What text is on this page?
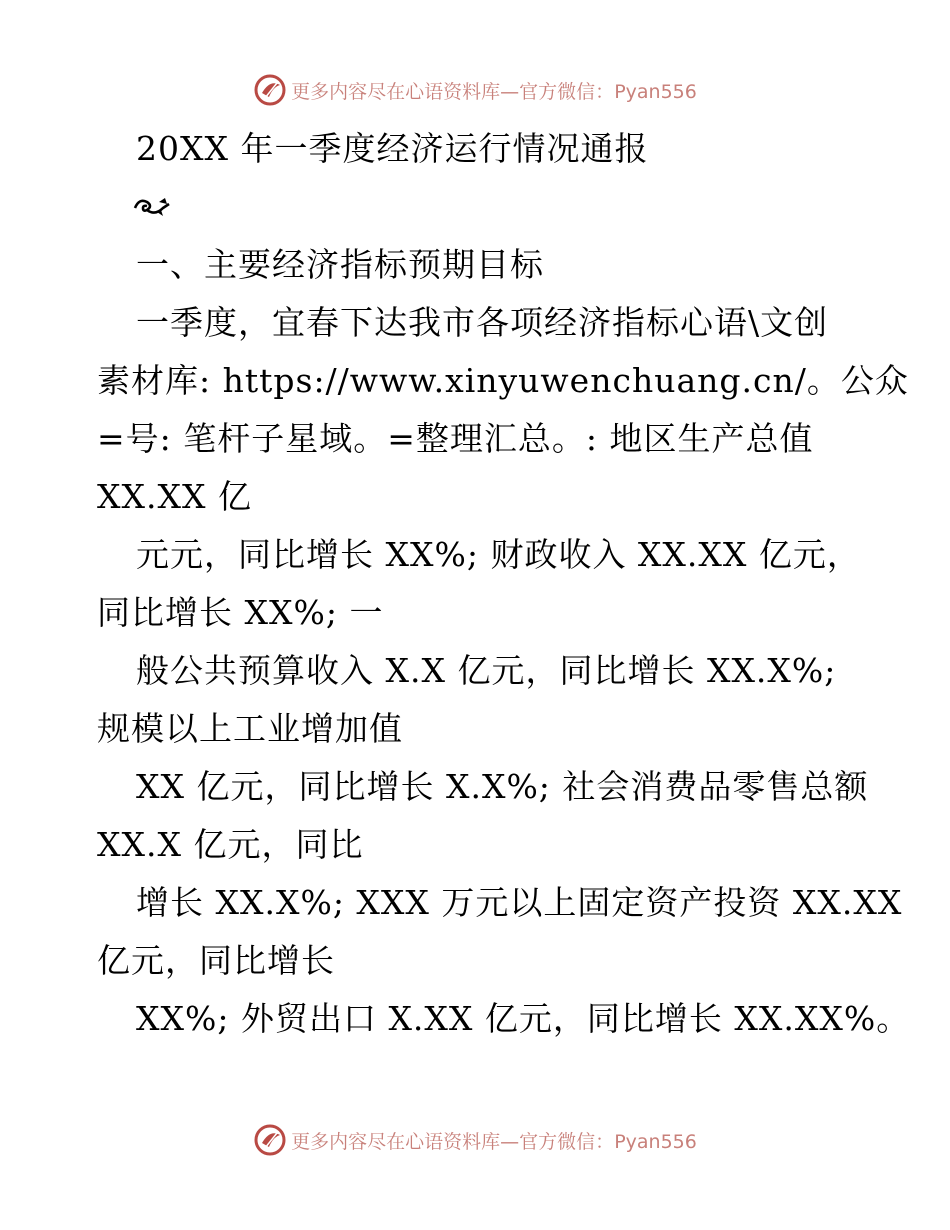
更多内容尽在心语资料库—官方微信：Pyan556
20XX 年一季度经济运行情况通报
一、主要经济指标预期目标
一季度，宜春下达我市各项经济指标心语\文创
素材库: https://www.xinyuwenchuang.cn/。公众
=号: 笔杆子星域。=整理汇总。: 地区生产总值
XX.XX 亿
元元，同比增长 XX%; 财政收入 XX.XX 亿元，
同比增长 XX%; 一
般公共预算收入 X.X 亿元，同比增长 XX.X%;
规模以上工业增加值
XX 亿元，同比增长 X.X%; 社会消费品零售总额
XX.X 亿元，同比
增长 XX.X%; XXX 万元以上固定资产投资 XX.XX
亿元，同比增长
XX%; 外贸出口 X.XX 亿元，同比增长 XX.XX%。
更多内容尽在心语资料库—官方微信：Pyan556
